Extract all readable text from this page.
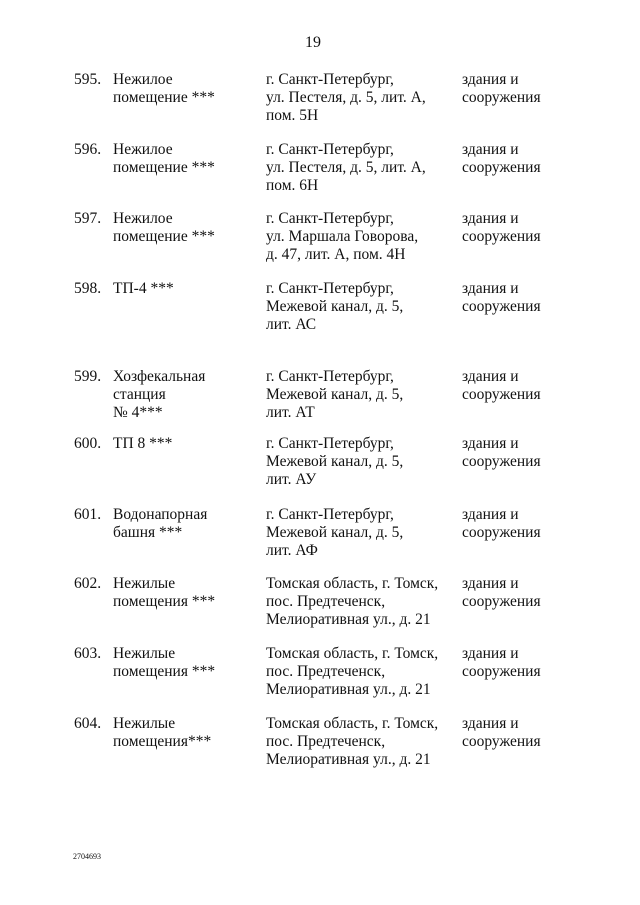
19
595. Нежилое
помещение ***
г. Санкт-Петербург,
ул. Пестеля, д. 5, лит. А,
пом. 5Н
здания и
сооружения
596. Нежилое
помещение ***
г. Санкт-Петербург,
ул. Пестеля, д. 5, лит. А,
пом. 6Н
здания и
сооружения
597. Нежилое
помещение ***
г. Санкт-Петербург,
ул. Маршала Говорова,
д. 47, лит. А, пом. 4Н
здания и
сооружения
598. ТП-4 ***	г. Санкт-Петербург,
Межевой канал, д. 5,
лит. АС
здания и
сооружения
599. Хозфекальная
станция
№ 4***
г. Санкт-Петербург,
Межевой канал, д. 5,
лит. АТ
здания и
сооружения
600. ТП 8 ***	г. Санкт-Петербург,
Межевой канал, д. 5,
лит. АУ
здания и
сооружения
601. Водонапорная
башня ***
г. Санкт-Петербург,
Межевой канал, д. 5,
лит. АФ
здания и
сооружения
602. Нежилые
помещения ***
Томская область, г. Томск,
пос. Предтеченск,
Мелиоративная ул., д. 21
здания и
сооружения
603. Нежилые
помещения ***
Томская область, г. Томск,
пос. Предтеченск,
Мелиоративная ул., д. 21
здания и
сооружения
604. Нежилые
помещения***
Томская область, г. Томск,
пос. Предтеченск,
Мелиоративная ул., д. 21
здания и
сооружения
2704693
